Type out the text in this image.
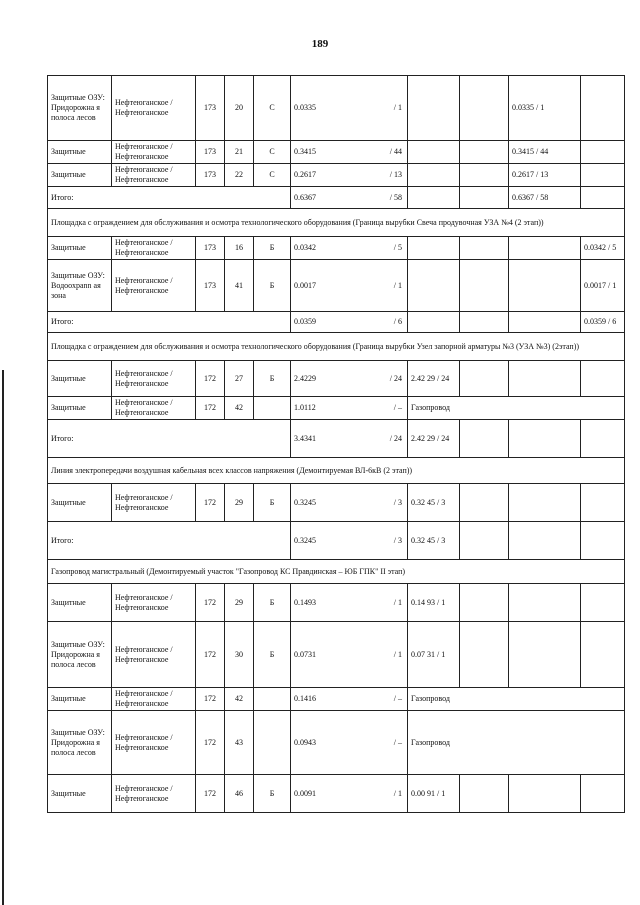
189
Защитные ОЗУ: Придорожна я полоса лесов	Нефтеюганское / Нефтеюганское	173	20	С	0.0335 / 1			0.0335 / 1	
Защитные	Нефтеюганское / Нефтеюганское	173	21	С	0.3415 / 44			0.3415 / 44	
Защитные	Нефтеюганское / Нефтеюганское	173	22	С	0.2617 / 13			0.2617 / 13	
Итого:					0.6367 / 58			0.6367 / 58	
Площадка с ограждением для обслуживания и осмотра технологического оборудования (Граница вырубки Свеча продувочная УЗА №4 (2 этап))									
Защитные	Нефтеюганское / Нефтеюганское	173	16	Б	0.0342 / 5				0.0342 / 5
Защитные ОЗУ: Водоохрann ая зона	Нефтеюганское / Нефтеюганское	173	41	Б	0.0017 / 1				0.0017 / 1
Итого:					0.0359 / 6				0.0359 / 6
Площадка с ограждением для обслуживания и осмотра технологического оборудования (Граница вырубки Узел запорной арматуры №3 (УЗА №3) (2этап))									
Защитные	Нефтеюганское / Нефтеюганское	172	27	Б	2.4229 / 24	2.42 29 / 24			
Защитные	Нефтеюганское / Нефтеюганское	172	42		1.0112 / –	Газопровод			
Итого:					3.4341 / 24	2.42 29 / 24			
Линия электропередачи воздушная кабельная всех классов напряжения (Демонтируемая ВЛ-6кВ (2 этап))									
Защитные	Нефтеюганское / Нефтеюганское	172	29	Б	0.3245 / 3	0.32 45 / 3			
Итого:					0.3245 / 3	0.32 45 / 3			
Газопровод магистральный (Демонтируемый участок "Газопровод КС Правдинская – ЮБ ГПК" II этап)									
Защитные	Нефтеюганское / Нефтеюганское	172	29	Б	0.1493 / 1	0.14 93 / 1			
Защитные ОЗУ: Придорожна я полоса лесов	Нефтеюганское / Нефтеюганское	172	30	Б	0.0731 / 1	0.07 31 / 1			
Защитные	Нефтеюганское / Нефтеюганское	172	42		0.1416 / –	Газопровод			
Защитные ОЗУ: Придорожна я полоса лесов	Нефтеюганское / Нефтеюганское	172	43		0.0943 / –	Газопровод			
Защитные	Нефтеюганское / Нефтеюганское	172	46	Б	0.0091 / 1	0.00 91 / 1			
